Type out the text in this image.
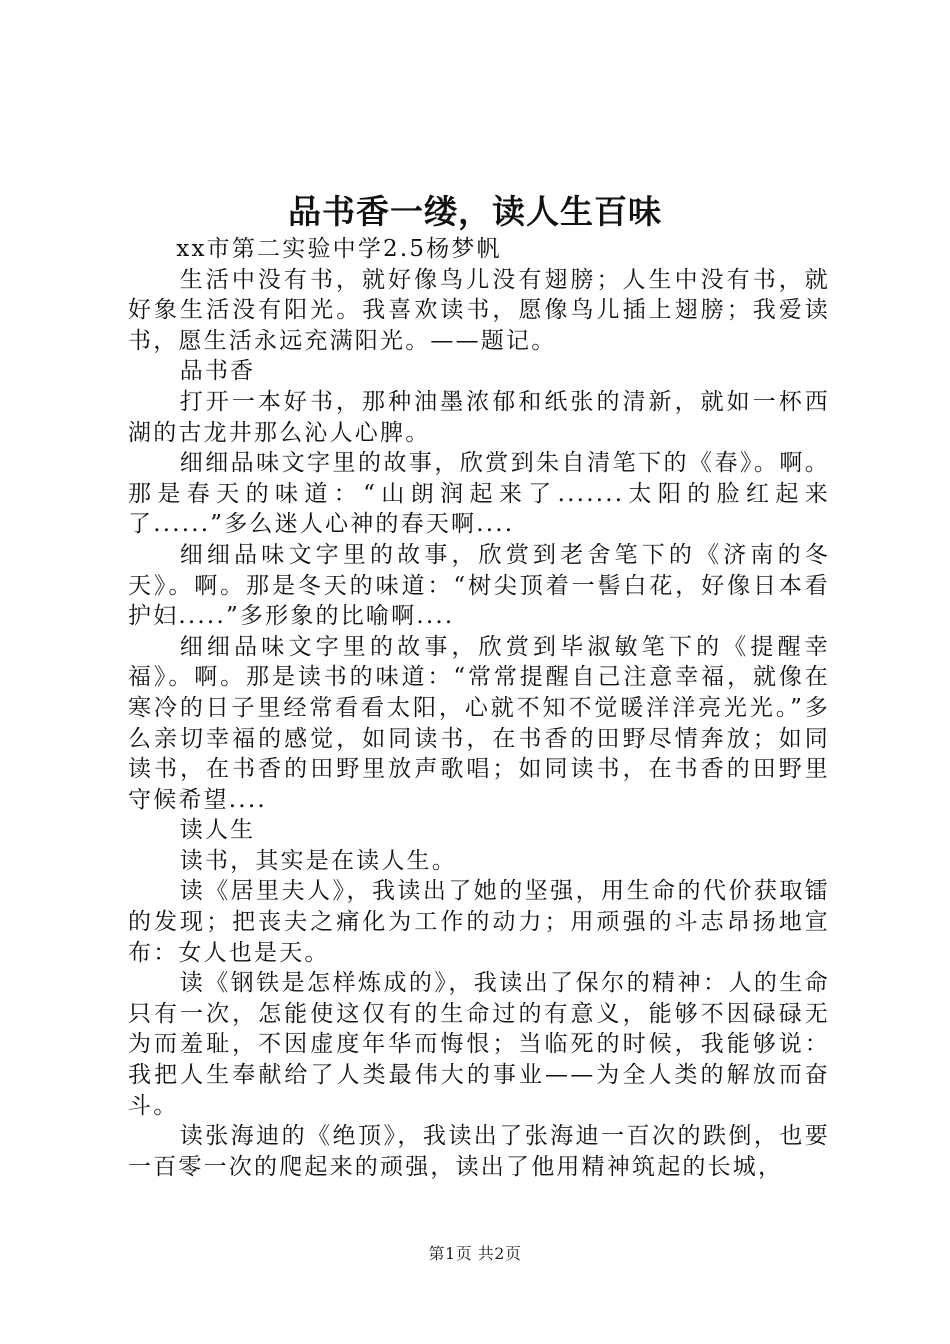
品书香一缕，读人生百味

xx市第二实验中学2.5杨梦帆

生活中没有书，就好像鸟儿没有翅膀；人生中没有书，就好象生活没有阳光。我喜欢读书，愿像鸟儿插上翅膀；我爱读书，愿生活永远充满阳光。——题记。

品书香

打开一本好书，那种油墨浓郁和纸张的清新，就如一杯西湖的古龙井那么沁人心脾。

细细品味文字里的故事，欣赏到朱自清笔下的《春》。啊。那是春天的味道：“山朗润起来了.......太阳的脸红起来了......”多么迷人心神的春天啊....

细细品味文字里的故事，欣赏到老舍笔下的《济南的冬天》。啊。那是冬天的味道：“树尖顶着一髻白花，好像日本看护妇.....”多形象的比喻啊....

细细品味文字里的故事，欣赏到毕淑敏笔下的《提醒幸福》。啊。那是读书的味道：“常常提醒自己注意幸福，就像在寒冷的日子里经常看看太阳，心就不知不觉暖洋洋亮光光。”多么亲切幸福的感觉，如同读书，在书香的田野尽情奔放；如同读书，在书香的田野里放声歌唱；如同读书，在书香的田野里守候希望....

读人生

读书，其实是在读人生。

读《居里夫人》，我读出了她的坚强，用生命的代价获取镭的发现；把丧夫之痛化为工作的动力；用顽强的斗志昂扬地宣布：女人也是天。

读《钢铁是怎样炼成的》，我读出了保尔的精神：人的生命只有一次，怎能使这仅有的生命过的有意义，能够不因碌碌无为而羞耻，不因虚度年华而悔恨；当临死的时候，我能够说：我把人生奉献给了人类最伟大的事业——为全人类的解放而奋斗。

读张海迪的《绝顶》，我读出了张海迪一百次的跌倒，也要一百零一次的爬起来的顽强，读出了他用精神筑起的长城，

第1页 共2页
